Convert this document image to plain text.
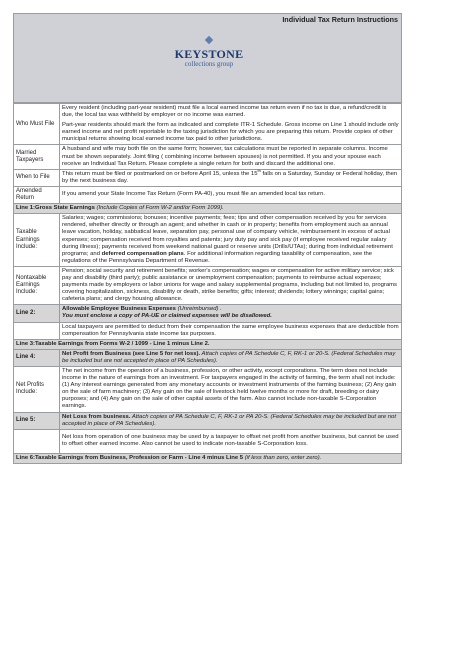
Individual Tax Return Instructions
KEYSTONE
collections group
Who Must File	Every resident (including part-year resident) must file a local earned income tax return even if no tax is due, a refund/credit is due, the local tax was withheld by employer or no income was earned.
Part-year residents should mark the form as indicated and complete ITR-1 Schedule. Gross income on Line 1 should include only earned income and net profit reportable to the taxing jurisdiction for which you are preparing this return. Provide copies of other municipal returns showing local earned income tax paid to other jurisdictions.

Married Taxpayers	A husband and wife may both file on the same form; however, tax calculations must be reported in separate columns. Income must be shown separately. Joint filing ( combining income between spouses) is not permitted. If you and your spouse each receive an Individual Tax Return. Please complete a single return for both and discard the additional one.
When to File	This return must be filed or postmarked on or before April 15, unless the 15th falls on a Saturday, Sunday or Federal holiday, then by the next business day.
Amended Return	If you amend your State Income Tax Return (Form PA-40), you must file an amended local tax return.
Line 1:Gross State Earnings (Include Copies of Form W-2 and/or Form 1099).	
Taxable Earnings Include:	Salaries; wages; commissions; bonuses; incentive payments; fees; tips and other compensation received by you for services rendered, whether directly or through an agent; and whether in cash or in property; benefits from employment such as annual leave vacation, holiday, sabbatical leave, separation pay, personal use of company vehicle, reimbursement in excess of actual expenses; compensation received from royalties and patents; jury duty pay and sick pay (if employee received regular salary during illness); payments received from weekend national guard or reserve units (Drills/UTAs); during from individual retirement programs; and deferred compensation plans. For additional information regarding taxability of compensation, see the regulations of the Pennsylvania Department of Revenue.
Nontaxable Earnings Include:	Pension; social security and retirement benefits; worker's compensation; wages or compensation for active military service; sick pay and disability (third party); public assistance or unemployment compensation; payments to reimburse actual expenses; payments made by employers or labor unions for wage and salary supplemental programs, including but not limited to, programs covering hospitalization, sickness, disability or death, strike benefits; gifts; interest; dividends; lottery winnings; capital gains; cafeteria plans; and clergy housing allowance.
Line 2:	Allowable Employee Business Expenses (Unreimbursed) .
You must enclose a copy of PA-UE or claimed expenses will be disallowed.
	Local taxpayers are permitted to deduct from their compensation the same employee business expenses that are deductible from compensation for Pennsylvania state income tax purposes.
Line 3:Taxable Earnings from Forms W-2 / 1099 - Line 1 minus Line 2.	
Line 4:	Net Profit from Business (see Line 5 for net loss). Attach copies of PA Schedule C, F, RK-1 or 20-S. (Federal Schedules may be included but are not accepted in place of PA Schedules).
Net Profits Include:	The net income from the operation of a business, profession, or other activity, except corporations. The term does not include income in the nature of earnings from an investment. For taxpayers engaged in the activity of farming, the term shall not include: (1) Any interest earnings generated from any monetary accounts or investment instruments of the farming business; (2) Any gain on the sale of farm machinery; (3) Any gain on the sale of livestock held twelve months or more for draft, breeding or dairy purposes; and (4) Any gain on the sale of other capital assets of the farm. Also cannot include non-taxable S-Corporation earnings.
Line 5:	Net Loss from business. Attach copies of PA Schedule C, F, RK-1 or PA 20-S. (Federal Schedules may be included but are not accepted in place of PA Schedules).
	Net loss from operation of one business may be used by a taxpayer to offset net profit from another business, but cannot be used to offset other earned income. Also cannot be used to indicate non-taxable S-Corporation loss.
Line 6:Taxable Earnings from Business, Profession or Farm - Line 4 minus Line 5 (if less than zero, enter zero).	
